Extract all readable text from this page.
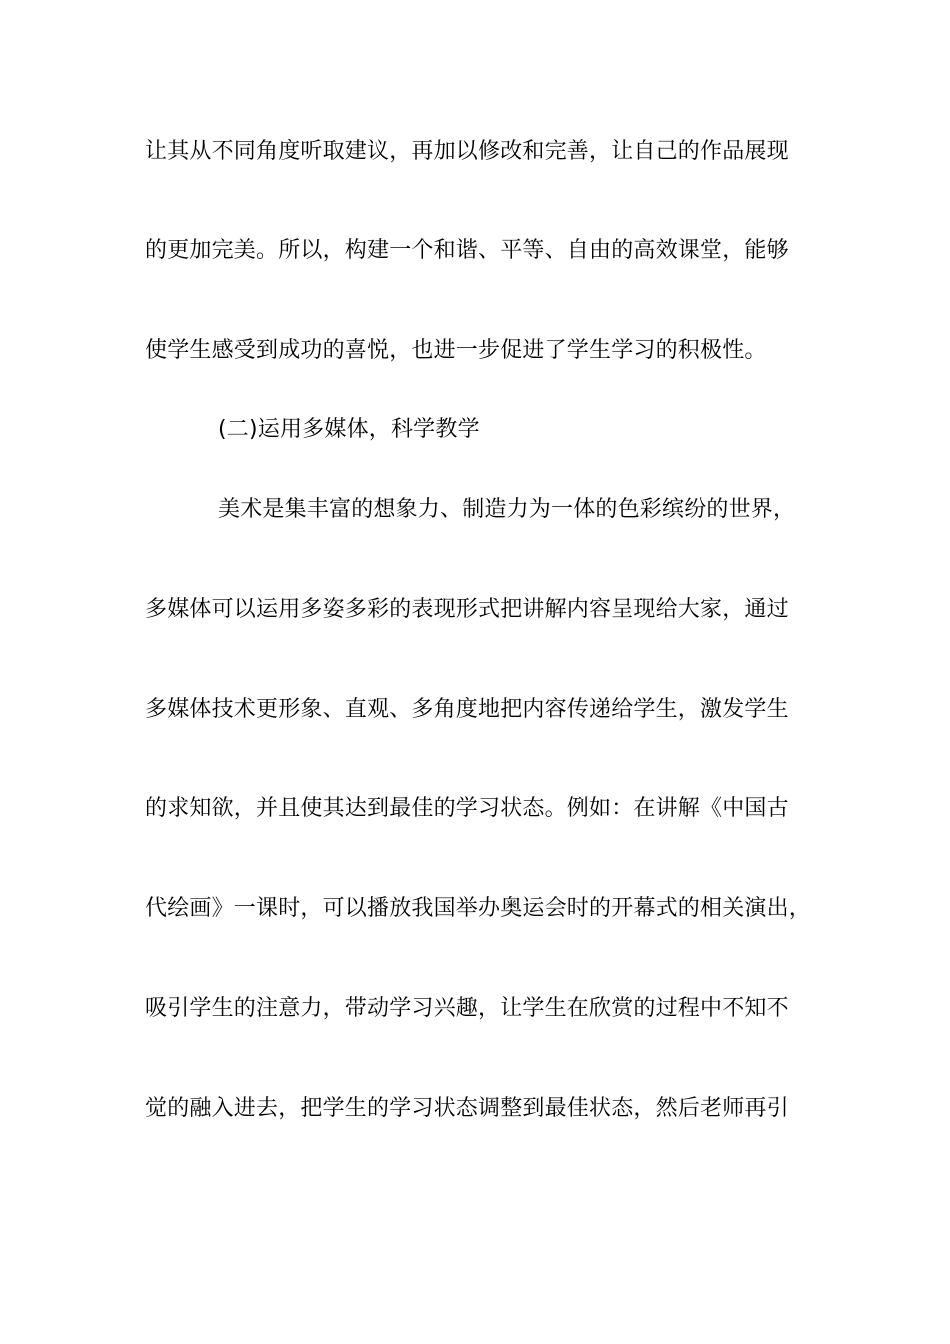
让其从不同角度听取建议，再加以修改和完善，让自己的作品展现
的更加完美。所以，构建一个和谐、平等、自由的高效课堂，能够
使学生感受到成功的喜悦，也进一步促进了学生学习的积极性。
(二)运用多媒体，科学教学
美术是集丰富的想象力、制造力为一体的色彩缤纷的世界，
多媒体可以运用多姿多彩的表现形式把讲解内容呈现给大家，通过
多媒体技术更形象、直观、多角度地把内容传递给学生，激发学生
的求知欲，并且使其达到最佳的学习状态。例如：在讲解《中国古
代绘画》一课时，可以播放我国举办奥运会时的开幕式的相关演出，
吸引学生的注意力，带动学习兴趣，让学生在欣赏的过程中不知不
觉的融入进去，把学生的学习状态调整到最佳状态，然后老师再引
